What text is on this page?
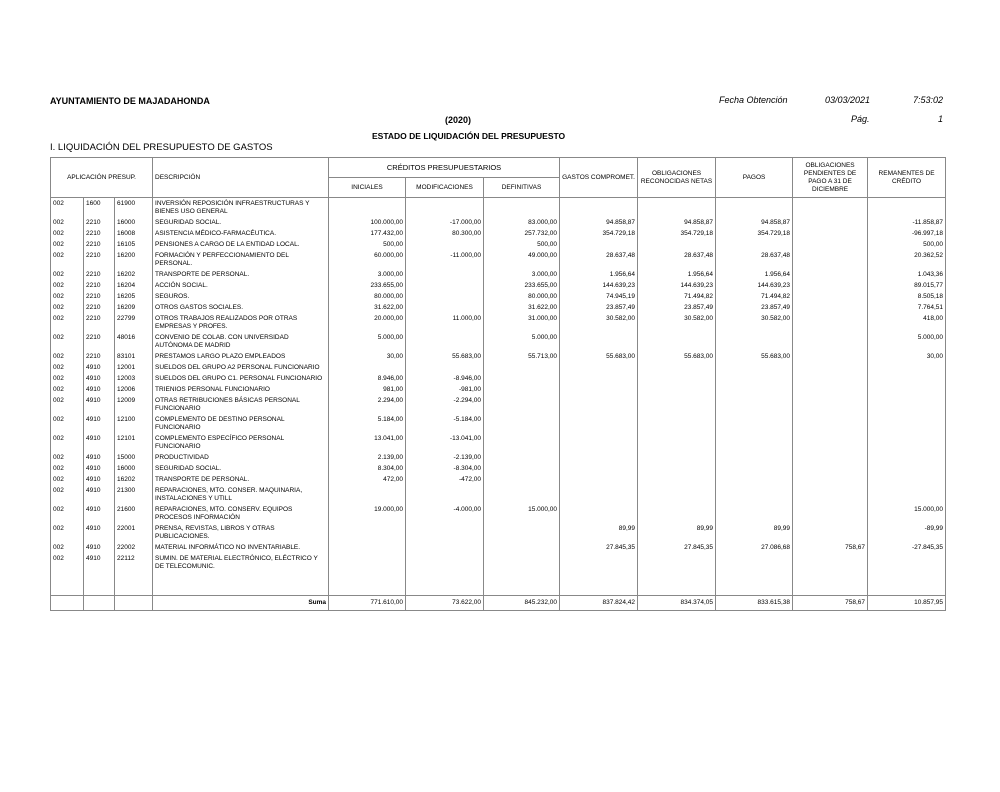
AYUNTAMIENTO DE MAJADAHONDA	Fecha Obtención	03/03/2021	7:53:02
(2020)	Pág.	1
ESTADO DE LIQUIDACIÓN DEL PRESUPUESTO
I. LIQUIDACIÓN DEL PRESUPUESTO DE GASTOS
APLICACIÓN PRESUP.			DESCRIPCIÓN	CRÉDITOS PRESUPUESTARIOS			GASTOS COMPROMET.	OBLIGACIONES RECONOCIDAS NETAS	PAGOS	OBLIGACIONES PENDIENTES DE PAGO A 31 DE DICIEMBRE	REMANENTES DE CRÉDITO
				INICIALES	MODIFICACIONES	DEFINITIVAS					
002	1600	61900	INVERSIÓN REPOSICIÓN INFRAESTRUCTURAS Y BIENES USO GENERAL								
002	2210	16000	SEGURIDAD SOCIAL.	100.000,00	-17.000,00	83.000,00	94.858,87	94.858,87	94.858,87		-11.858,87
002	2210	16008	ASISTENCIA MÉDICO-FARMACÉUTICA.	177.432,00	80.300,00	257.732,00	354.729,18	354.729,18	354.729,18		-96.997,18
002	2210	16105	PENSIONES A CARGO DE LA ENTIDAD LOCAL.	500,00		500,00					500,00
002	2210	16200	FORMACIÓN Y PERFECCIONAMIENTO DEL PERSONAL.	60.000,00	-11.000,00	49.000,00	28.637,48	28.637,48	28.637,48		20.362,52
002	2210	16202	TRANSPORTE DE PERSONAL.	3.000,00		3.000,00	1.956,64	1.956,64	1.956,64		1.043,36
002	2210	16204	ACCIÓN SOCIAL.	233.655,00		233.655,00	144.639,23	144.639,23	144.639,23		89.015,77
002	2210	16205	SEGUROS.	80.000,00		80.000,00	74.945,19	71.494,82	71.494,82		8.505,18
002	2210	16209	OTROS GASTOS SOCIALES.	31.622,00		31.622,00	23.857,49	23.857,49	23.857,49		7.764,51
002	2210	22799	OTROS TRABAJOS REALIZADOS POR OTRAS EMPRESAS Y PROFES.	20.000,00	11.000,00	31.000,00	30.582,00	30.582,00	30.582,00		418,00
002	2210	48016	CONVENIO DE COLAB. CON UNIVERSIDAD AUTÓNOMA DE MADRID	5.000,00		5.000,00					5.000,00
002	2210	83101	PRESTAMOS LARGO PLAZO EMPLEADOS	30,00	55.683,00	55.713,00	55.683,00	55.683,00	55.683,00		30,00
002	4910	12001	SUELDOS DEL GRUPO A2 PERSONAL FUNCIONARIO								
002	4910	12003	SUELDOS DEL GRUPO C1. PERSONAL FUNCIONARIO	8.946,00	-8.946,00						
002	4910	12006	TRIENIOS PERSONAL FUNCIONARIO	981,00	-981,00						
002	4910	12009	OTRAS RETRIBUCIONES BÁSICAS PERSONAL FUNCIONARIO	2.294,00	-2.294,00						
002	4910	12100	COMPLEMENTO DE DESTINO PERSONAL FUNCIONARIO	5.184,00	-5.184,00						
002	4910	12101	COMPLEMENTO ESPECÍFICO PERSONAL FUNCIONARIO	13.041,00	-13.041,00						
002	4910	15000	PRODUCTIVIDAD	2.139,00	-2.139,00						
002	4910	16000	SEGURIDAD SOCIAL.	8.304,00	-8.304,00						
002	4910	16202	TRANSPORTE DE PERSONAL.	472,00	-472,00						
002	4910	21300	REPARACIONES, MTO. CONSER. MAQUINARIA, INSTALACIONES Y UTILL								
002	4910	21600	REPARACIONES, MTO. CONSERV. EQUIPOS PROCESOS INFORMACIÓN	19.000,00	-4.000,00	15.000,00					15.000,00
002	4910	22001	PRENSA, REVISTAS, LIBROS Y OTRAS PUBLICACIONES.				89,99	89,99	89,99		-89,99
002	4910	22002	MATERIAL INFORMÁTICO NO INVENTARIABLE.				27.845,35	27.845,35	27.086,68	758,67	-27.845,35
002	4910	22112	SUMIN. DE MATERIAL ELECTRÓNICO, ELÉCTRICO Y DE TELECOMUNIC.								

			Suma	771.610,00	73.622,00	845.232,00	837.824,42	834.374,05	833.615,38	758,67	10.857,95
